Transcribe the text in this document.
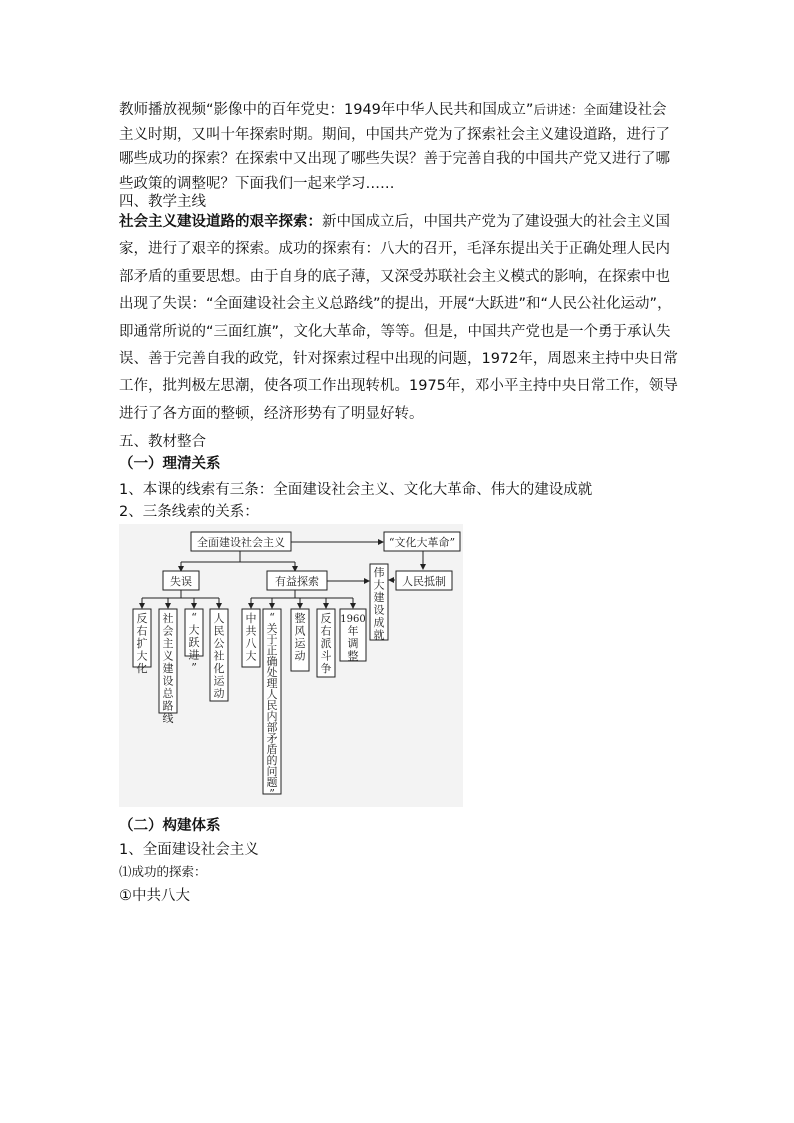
教师播放视频“影像中的百年党史：1949年中华人民共和国成立”后讲述：全面建设社会主义时期，又叫十年探索时期。期间，中国共产党为了探索社会主义建设道路，进行了哪些成功的探索？在探索中又出现了哪些失误？善于完善自我的中国共产党又进行了哪些政策的调整呢？下面我们一起来学习……
四、教学主线
社会主义建设道路的艰辛探索：新中国成立后，中国共产党为了建设强大的社会主义国家，进行了艰辛的探索。成功的探索有：八大的召开，毛泽东提出关于正确处理人民内部矛盾的重要思想。由于自身的底子薄，又深受苏联社会主义模式的影响，在探索中也出现了失误：“全面建设社会主义总路线”的提出，开展“大跃进”和“人民公社化运动”，即通常所说的“三面红旗”，文化大革命，等等。但是，中国共产党也是一个勇于承认失误、善于完善自我的政党，针对探索过程中出现的问题，1972年，周恩来主持中央日常工作，批判极左思潮，使各项工作出现转机。1975年，邓小平主持中央日常工作，领导进行了各方面的整顿，经济形势有了明显好转。
五、教材整合
（一）理清关系
1、本课的线索有三条：全面建设社会主义、文化大革命、伟大的建设成就
2、三条线索的关系：
全面建设社会主义	“文化大革命”
失误	有益探索	人民抵制
伟大建设成就
反右扩大化
社会主义建设总路线
“大跃进”
人民公社化运动
中共八大
“关于正确处理人民内部矛盾的问题”
整风运动
反右派斗争
1960 年调整
（二）构建体系
1、全面建设社会主义
⑴成功的探索：
①中共八大
